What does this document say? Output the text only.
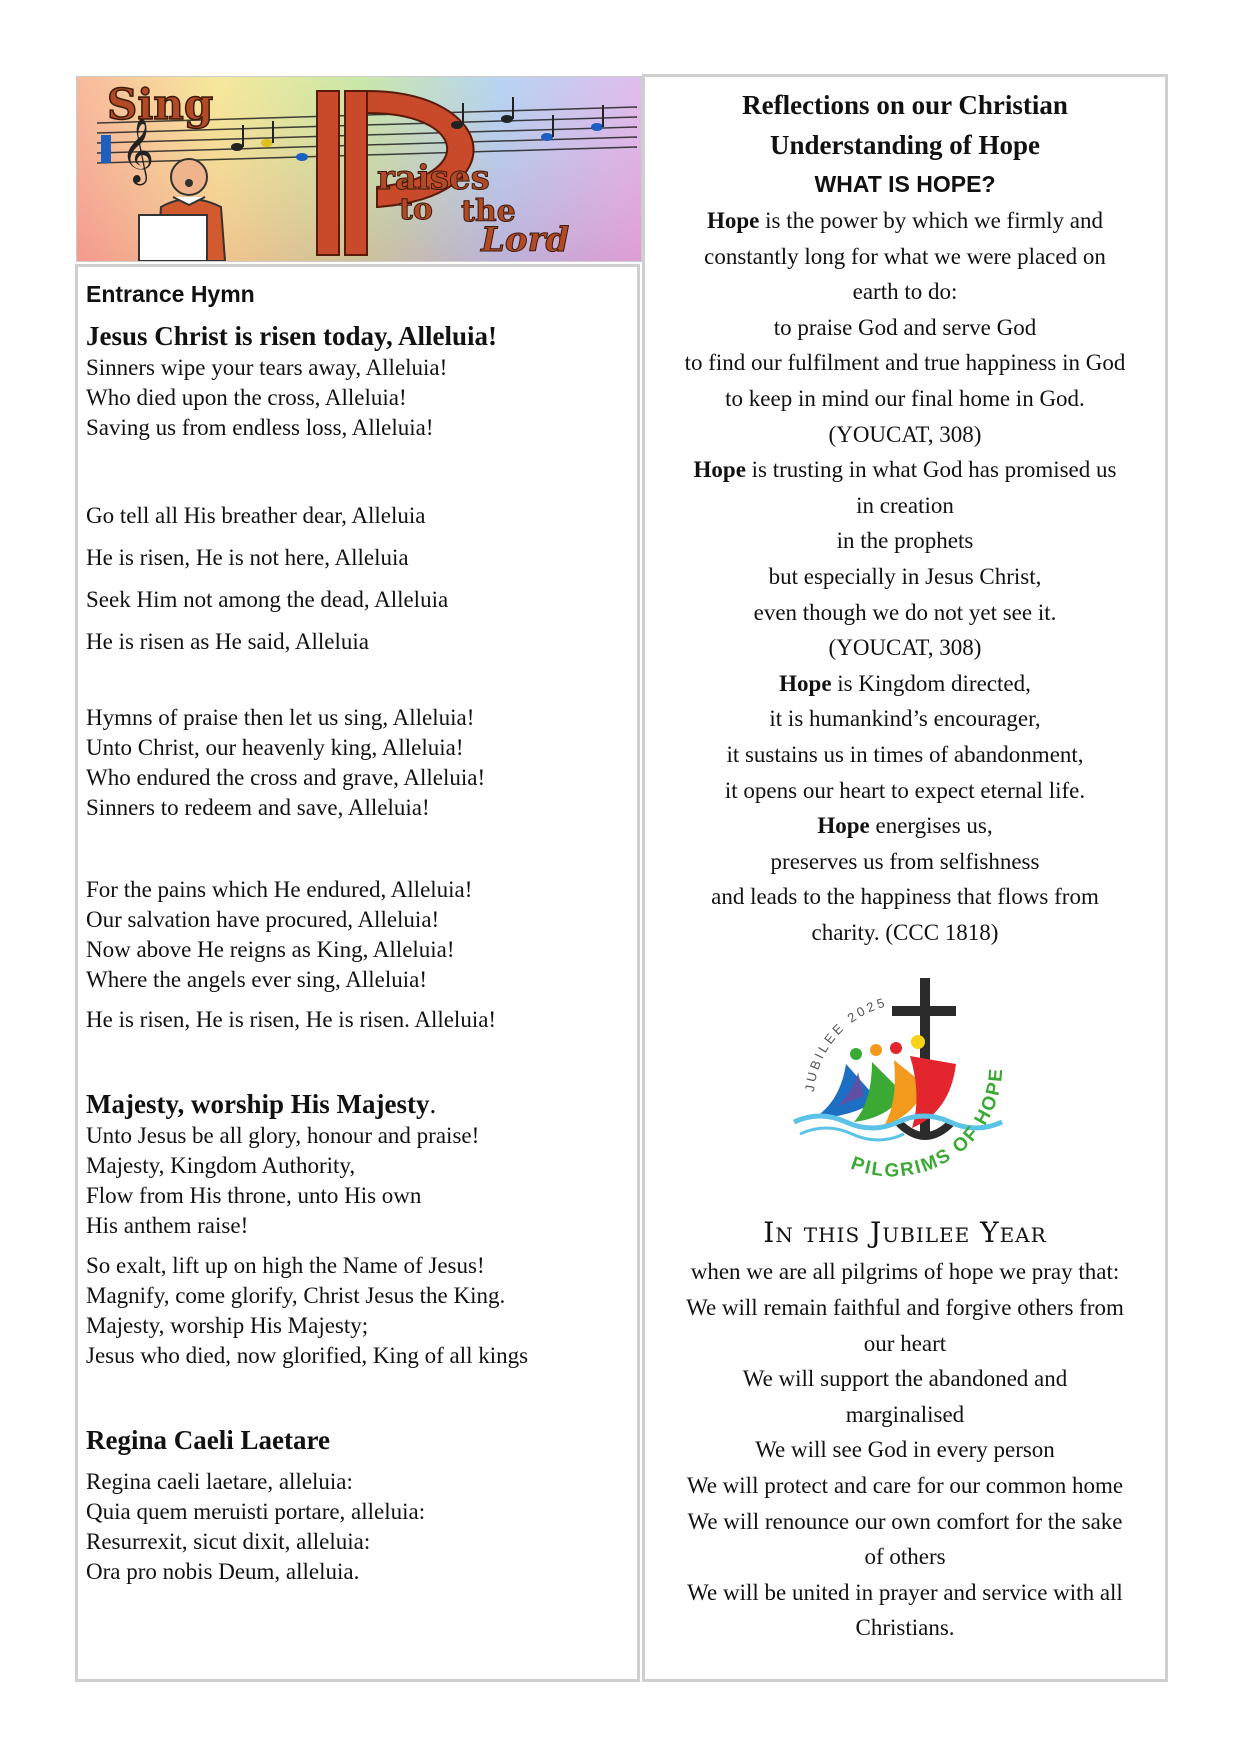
𝄞
Sing
raises
to the
Lord

Entrance Hymn

Jesus Christ is risen today, Alleluia!

Sinners wipe your tears away, Alleluia!

Who died upon the cross, Alleluia!

Saving us from endless loss, Alleluia!

Go tell all His breather dear, Alleluia

He is risen, He is not here, Alleluia

Seek Him not among the dead, Alleluia

He is risen as He said, Alleluia

Hymns of praise then let us sing, Alleluia!

Unto Christ, our heavenly king, Alleluia!

Who endured the cross and grave, Alleluia!

Sinners to redeem and save, Alleluia!

For the pains which He endured, Alleluia!

Our salvation have procured, Alleluia!

Now above He reigns as King, Alleluia!

Where the angels ever sing, Alleluia!

He is risen, He is risen, He is risen. Alleluia!

Majesty, worship His Majesty.

Unto Jesus be all glory, honour and praise!

Majesty, Kingdom Authority,

Flow from His throne, unto His own

His anthem raise!

So exalt, lift up on high the Name of Jesus!

Magnify, come glorify, Christ Jesus the King.

Majesty, worship His Majesty;

Jesus who died, now glorified, King of all kings

Regina Caeli Laetare

Regina caeli laetare, alleluia:

Quia quem meruisti portare, alleluia:

Resurrexit, sicut dixit, alleluia:

Ora pro nobis Deum, alleluia.

Reflections on our Christian

Understanding of Hope

WHAT IS HOPE?

Hope is the power by which we firmly and

constantly long for what we were placed on

earth to do:

to praise God and serve God

to find our fulfilment and true happiness in God

to keep in mind our final home in God.

(YOUCAT, 308)

Hope is trusting in what God has promised us

in creation

in the prophets

but especially in Jesus Christ,

even though we do not yet see it.

(YOUCAT, 308)

Hope is Kingdom directed,

it is humankind’s encourager,

it sustains us in times of abandonment,

it opens our heart to expect eternal life.

Hope energises us,

preserves us from selfishness

and leads to the happiness that flows from

charity. (CCC 1818)

JUBILEE 2025
PILGRIMS OF HOPE

In this Jubilee Year

when we are all pilgrims of hope we pray that:

We will remain faithful and forgive others from

our heart

We will support the abandoned and

marginalised

We will see God in every person

We will protect and care for our common home

We will renounce our own comfort for the sake

of others

We will be united in prayer and service with all

Christians.
